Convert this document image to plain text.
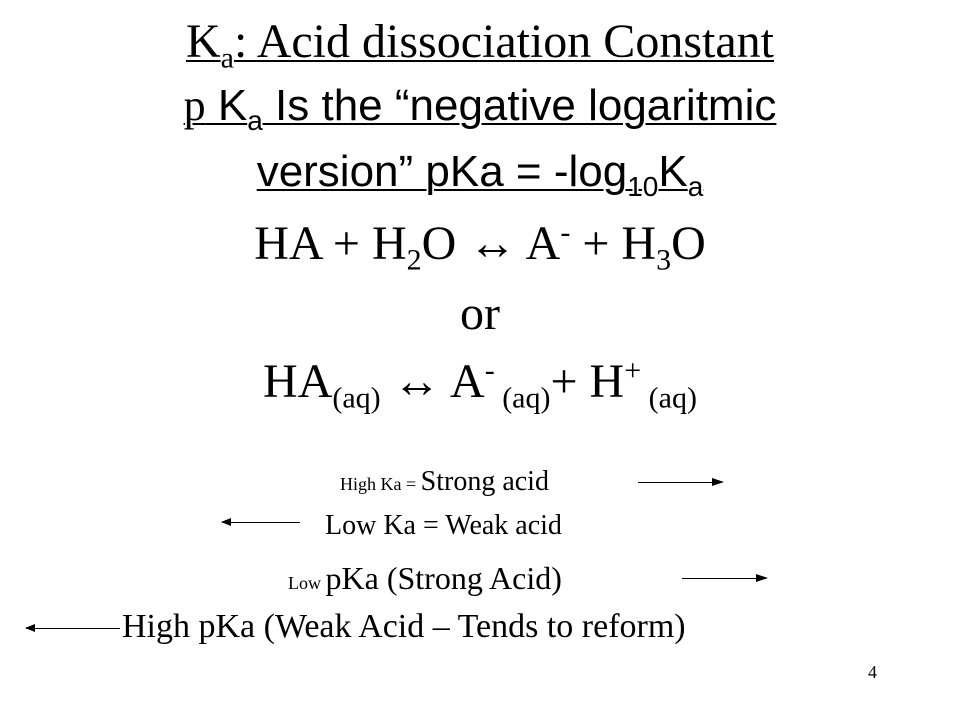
$K_a$: Acid dissociation Constant
p $K_a$ Is the “negative logaritmic
version” pKa = $-\log_{10}K_a$
HA + $H_2O$ ↔ $A^- + H_3O$
or
$HA_{(aq)}$ ↔ A- $_{(aq)}$+ H+ $_{(aq)}$
High Ka = Strong acid
Low Ka = Weak acid
Low pKa (Strong Acid)
High pKa (Weak Acid – Tends to reform)
4
